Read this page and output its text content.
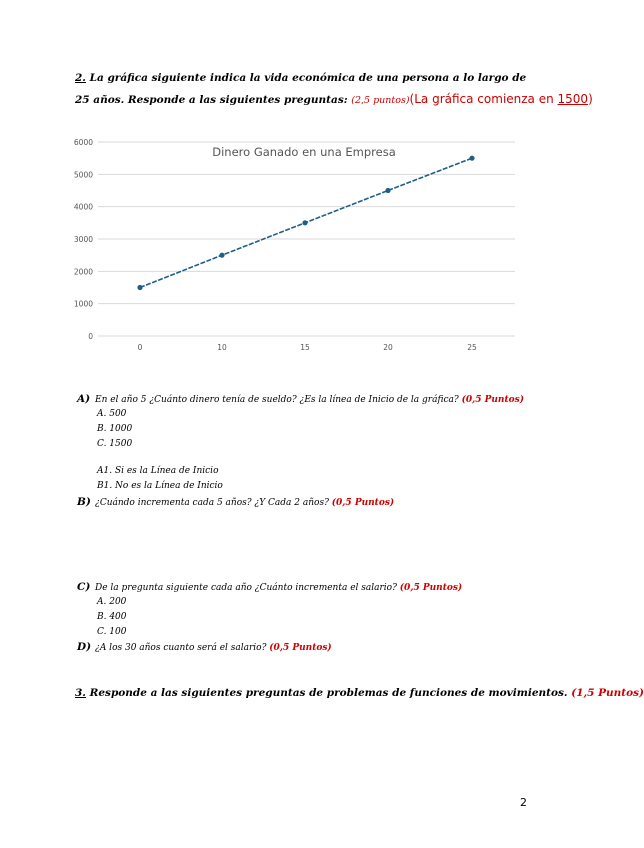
2. La gráfica siguiente indica la vida económica de una persona a lo largo de
25 años. Responde a las siguientes preguntas: (2,5 puntos)(La gráfica comienza en 1500)
Dinero Ganado en una Empresa
0
1000
2000
3000
4000
5000
6000
0	10	15	20	25
A) En el año 5 ¿Cuánto dinero tenía de sueldo? ¿Es la línea de Inicio de la gráfica? (0,5 Puntos)
A. 500
B. 1000
C. 1500
A1. Si es la Línea de Inicio
B1. No es la Línea de Inicio
B) ¿Cuándo incrementa cada 5 años? ¿Y Cada 2 años? (0,5 Puntos)
C) De la pregunta siguiente cada año ¿Cuánto incrementa el salario? (0,5 Puntos)
A. 200
B. 400
C. 100
D) ¿A los 30 años cuanto será el salario? (0,5 Puntos)
3. Responde a las siguientes preguntas de problemas de funciones de movimientos. (1,5 Puntos)
2
